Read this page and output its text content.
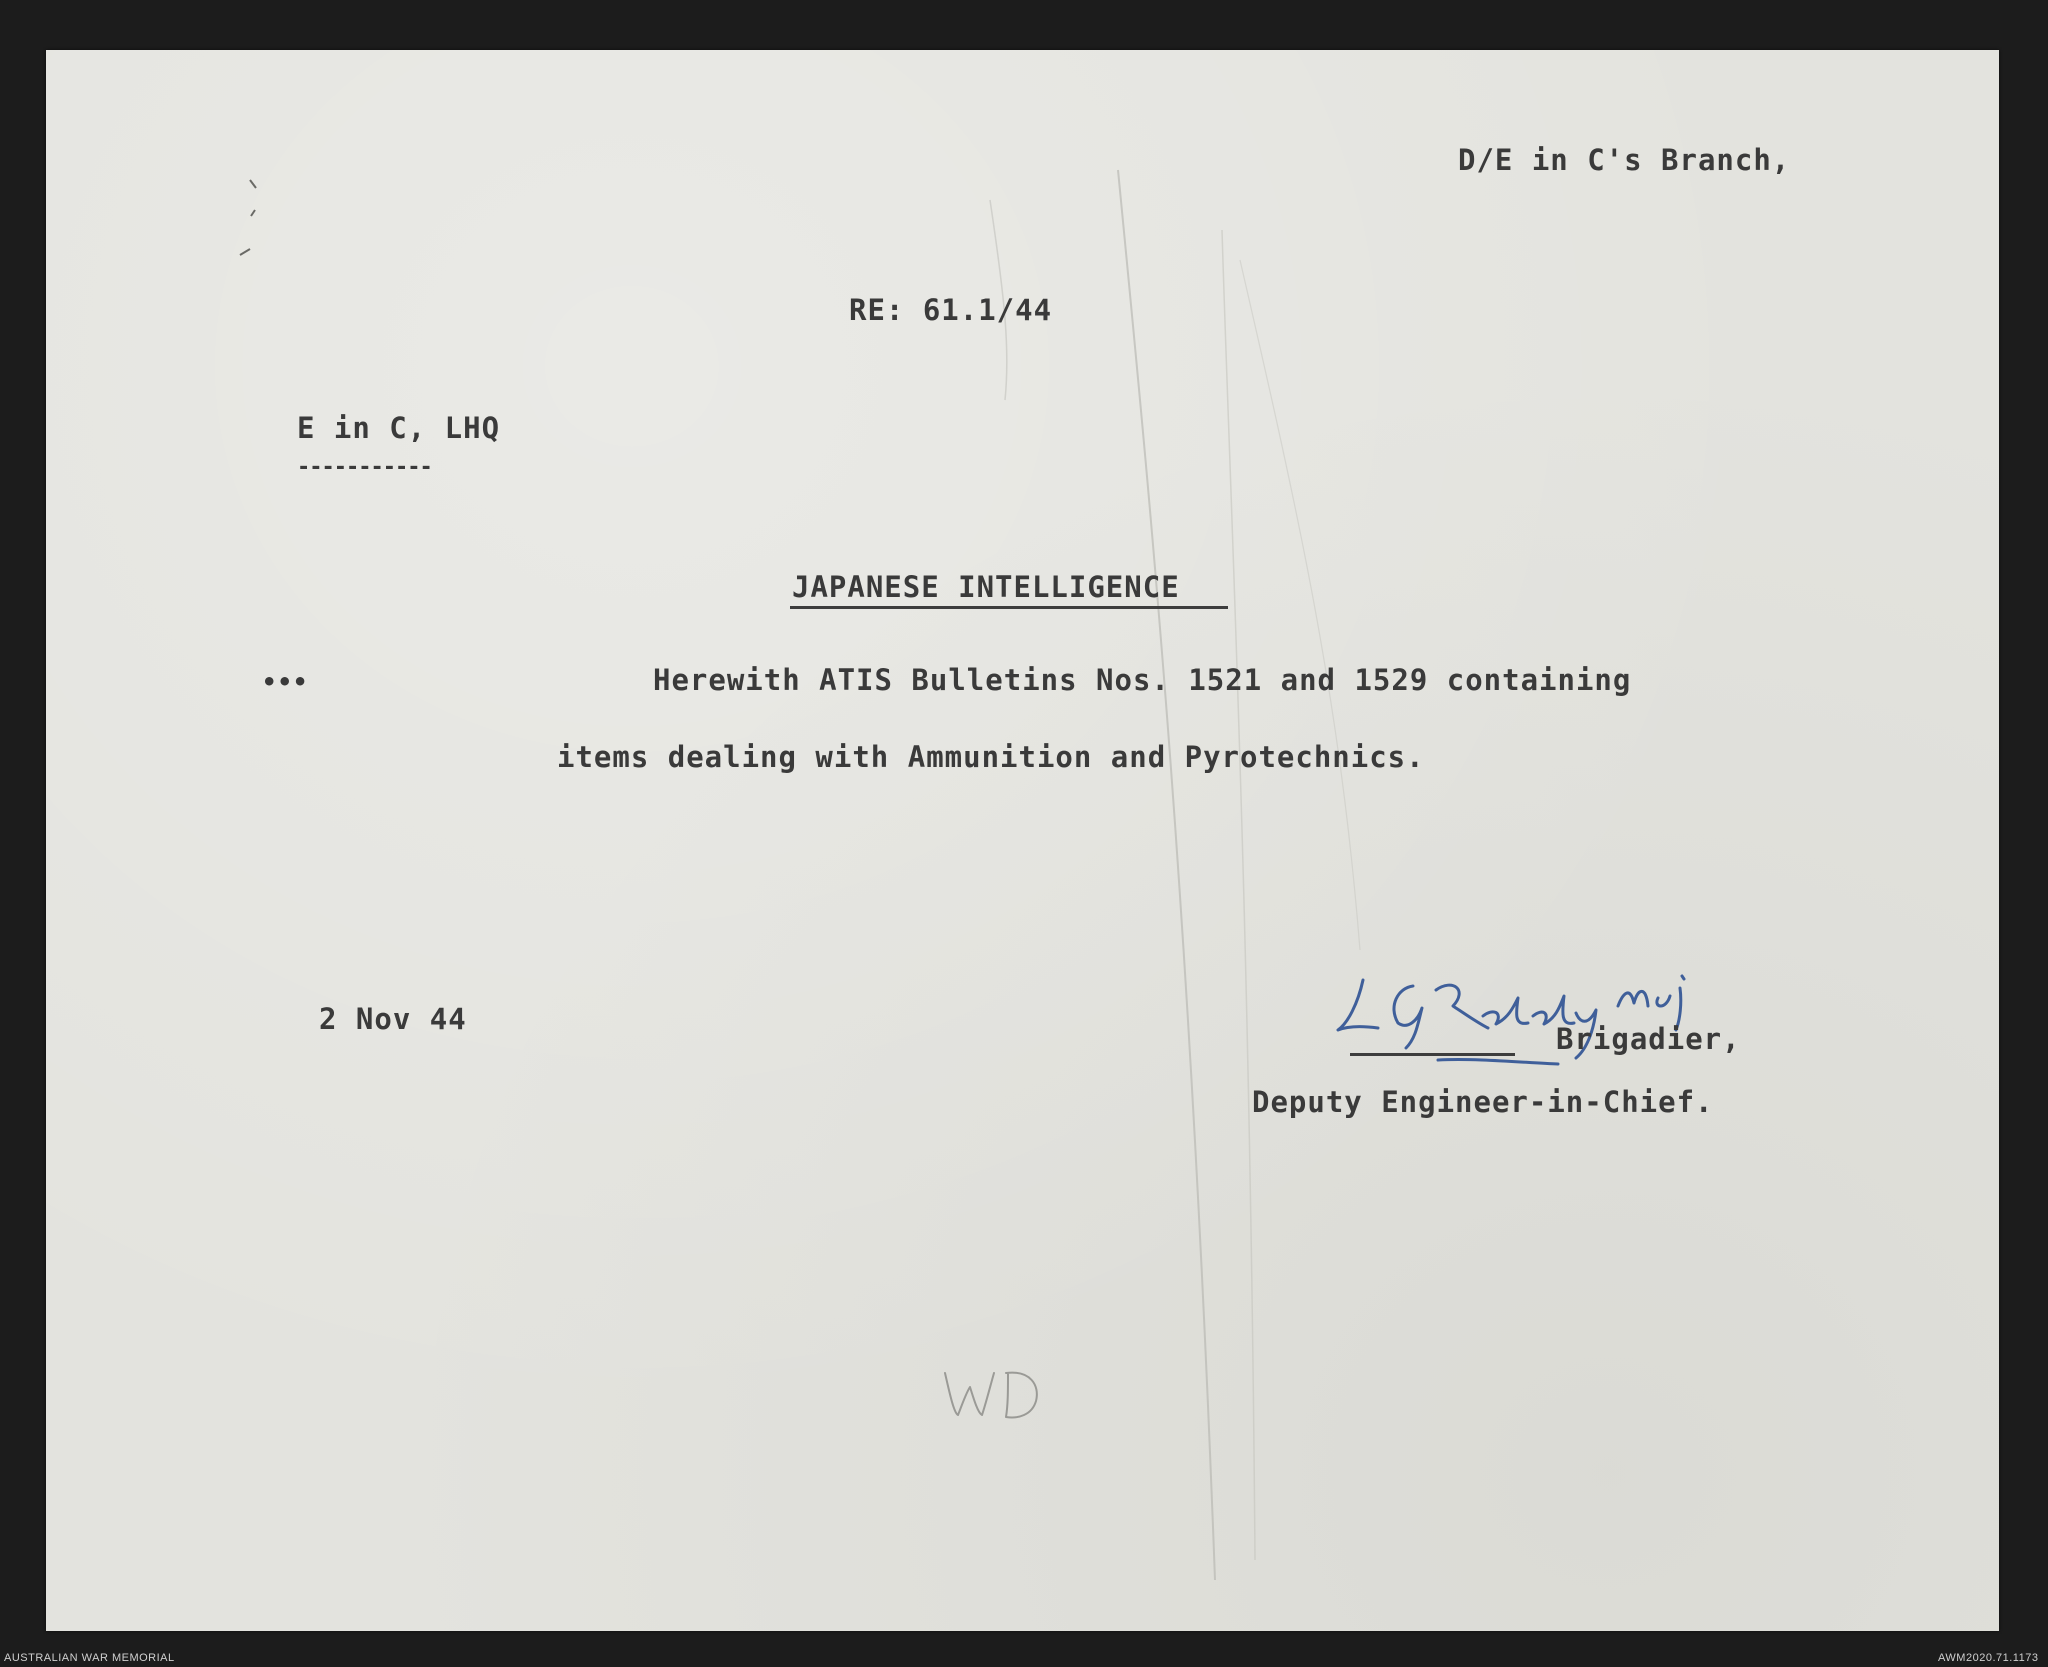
D/E in C's Branch,
RE: 61.1/44
E in C, LHQ
-----------
JAPANESE INTELLIGENCE
•••	Herewith ATIS Bulletins Nos. 1521 and 1529 containing
items dealing with Ammunition and Pyrotechnics.
2 Nov 44
Brigadier,
Deputy Engineer-in-Chief.
AUSTRALIAN WAR MEMORIAL	AWM2020.71.1173
